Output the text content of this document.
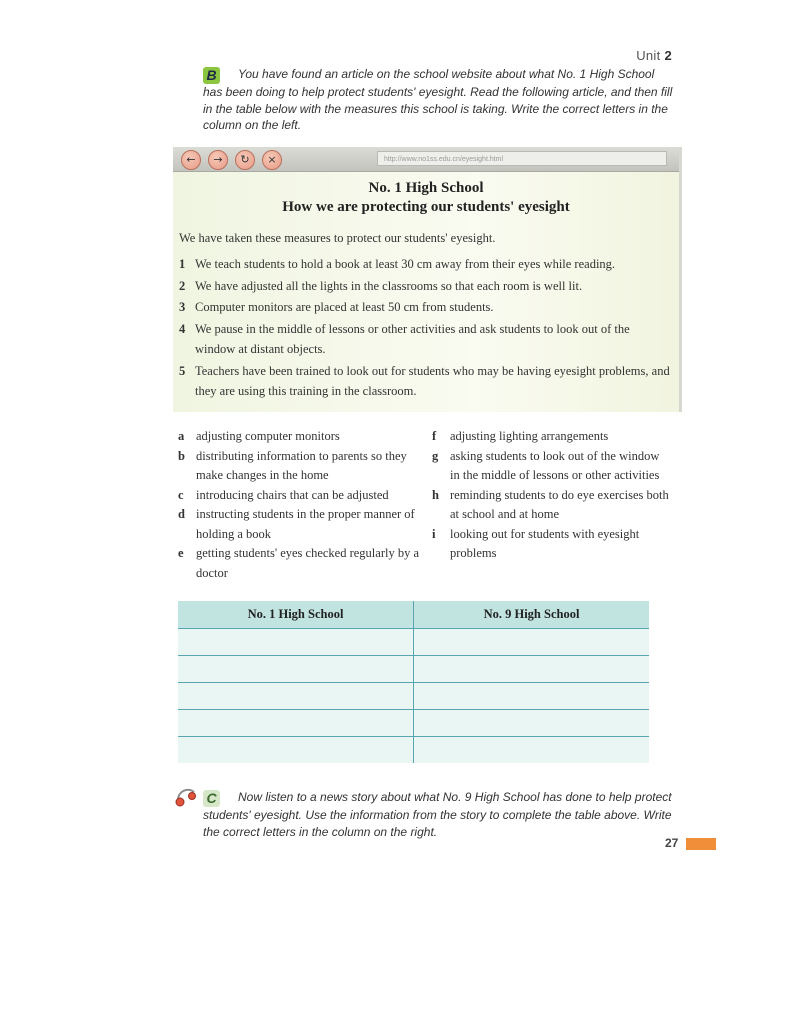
Unit 2
B You have found an article on the school website about what No. 1 High School has been doing to help protect students' eyesight. Read the following article, and then fill in the table below with the measures this school is taking. Write the correct letters in the column on the left.
←	→	↻	×	http://www.no1ss.edu.cn/eyesight.html
No. 1 High School
How we are protecting our students' eyesight
We have taken these measures to protect our students' eyesight.
1 We teach students to hold a book at least 30 cm away from their eyes while reading.
2 We have adjusted all the lights in the classrooms so that each room is well lit.
3 Computer monitors are placed at least 50 cm from students.
4 We pause in the middle of lessons or other activities and ask students to look out of the window at distant objects.
5 Teachers have been trained to look out for students who may be having eyesight problems, and they are using this training in the classroom.
a adjusting computer monitors
b distributing information to parents so they make changes in the home
c introducing chairs that can be adjusted
d instructing students in the proper manner of holding a book
e getting students' eyes checked regularly by a doctor
f adjusting lighting arrangements
g asking students to look out of the window in the middle of lessons or other activities
h reminding students to do eye exercises both at school and at home
i looking out for students with eyesight problems
No. 1 High School	No. 9 High School

C Now listen to a news story about what No. 9 High School has done to help protect students' eyesight. Use the information from the story to complete the table above. Write the correct letters in the column on the right.
27
